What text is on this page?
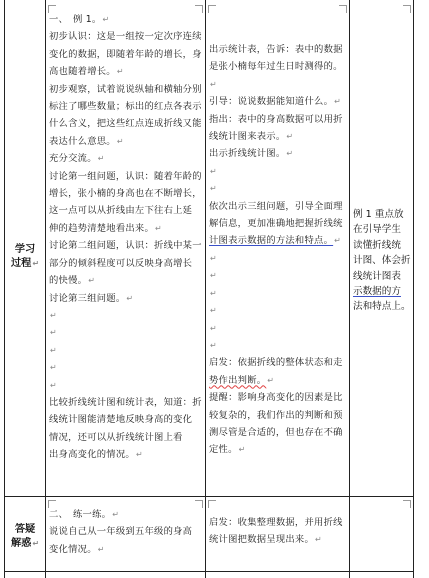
学习
过程↵
答疑
解惑↵

一、　例 1。↵

初步认识：这是一组按一定次序连续

变化的数据，即随着年龄的增长，身

高也随着增长。↵

初步观察，试着说说纵轴和横轴分别

标注了哪些数量；标出的红点各表示

什么含义，把这些红点连成折线又能

表达什么意思。↵

充分交流。↵

讨论第一组问题，认识：随着年龄的

增长，张小楠的身高也在不断增长，

这一点可以从折线由左下往右上延

伸的趋势清楚地看出来。↵

讨论第二组问题，认识：折线中某一

部分的倾斜程度可以反映身高增长

的快慢。↵

讨论第三组问题。↵

↵

↵

↵

↵

↵

比较折线统计图和统计表，知道：折

线统计图能清楚地反映身高的变化

情况，还可以从折线统计图上看

出身高变化的情况。↵

二、　练一练。↵

说说自己从一年级到五年级的身高

变化情况。↵

出示统计表，告诉：表中的数据

是张小楠每年过生日时测得的。↵

引导：说说数据能知道什么。↵

指出：表中的身高数据可以用折

线统计图来表示。↵

出示折线统计图。↵

↵

↵

依次出示三组问题，引导全面理

解信息，更加准确地把握折线统

计图表示数据的方法和特点。↵

↵

↵

↵

↵

↵

↵

启发：依据折线的整体状态和走

势作出判断。↵

提醒：影响身高变化的因素是比

较复杂的，我们作出的判断和预

测尽管是合适的，但也存在不确

定性。↵

启发：收集整理数据，并用折线

统计图把数据呈现出来。↵

例 1 重点放

在引导学生

读懂折线统

计图、体会折

线统计图表

示数据的方

法和特点上。
